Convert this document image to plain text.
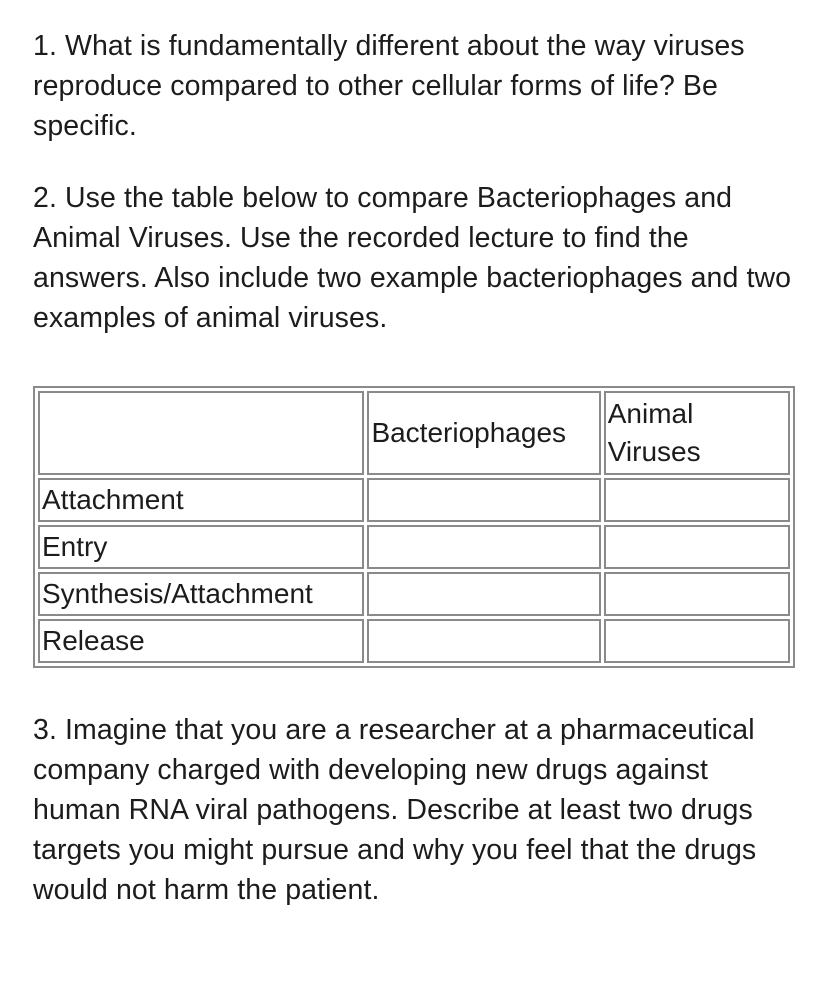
1. What is fundamentally different about the way viruses reproduce compared to other cellular forms of life? Be specific.

2. Use the table below to compare Bacteriophages and Animal Viruses. Use the recorded lecture to find the answers. Also include two example bacteriophages and two examples of animal viruses.

	Bacteriophages	Animal Viruses
Attachment		
Entry		
Synthesis/Attachment		
Release		

3. Imagine that you are a researcher at a pharmaceutical company charged with developing new drugs against human RNA viral pathogens. Describe at least two drugs targets you might pursue and why you feel that the drugs would not harm the patient.
